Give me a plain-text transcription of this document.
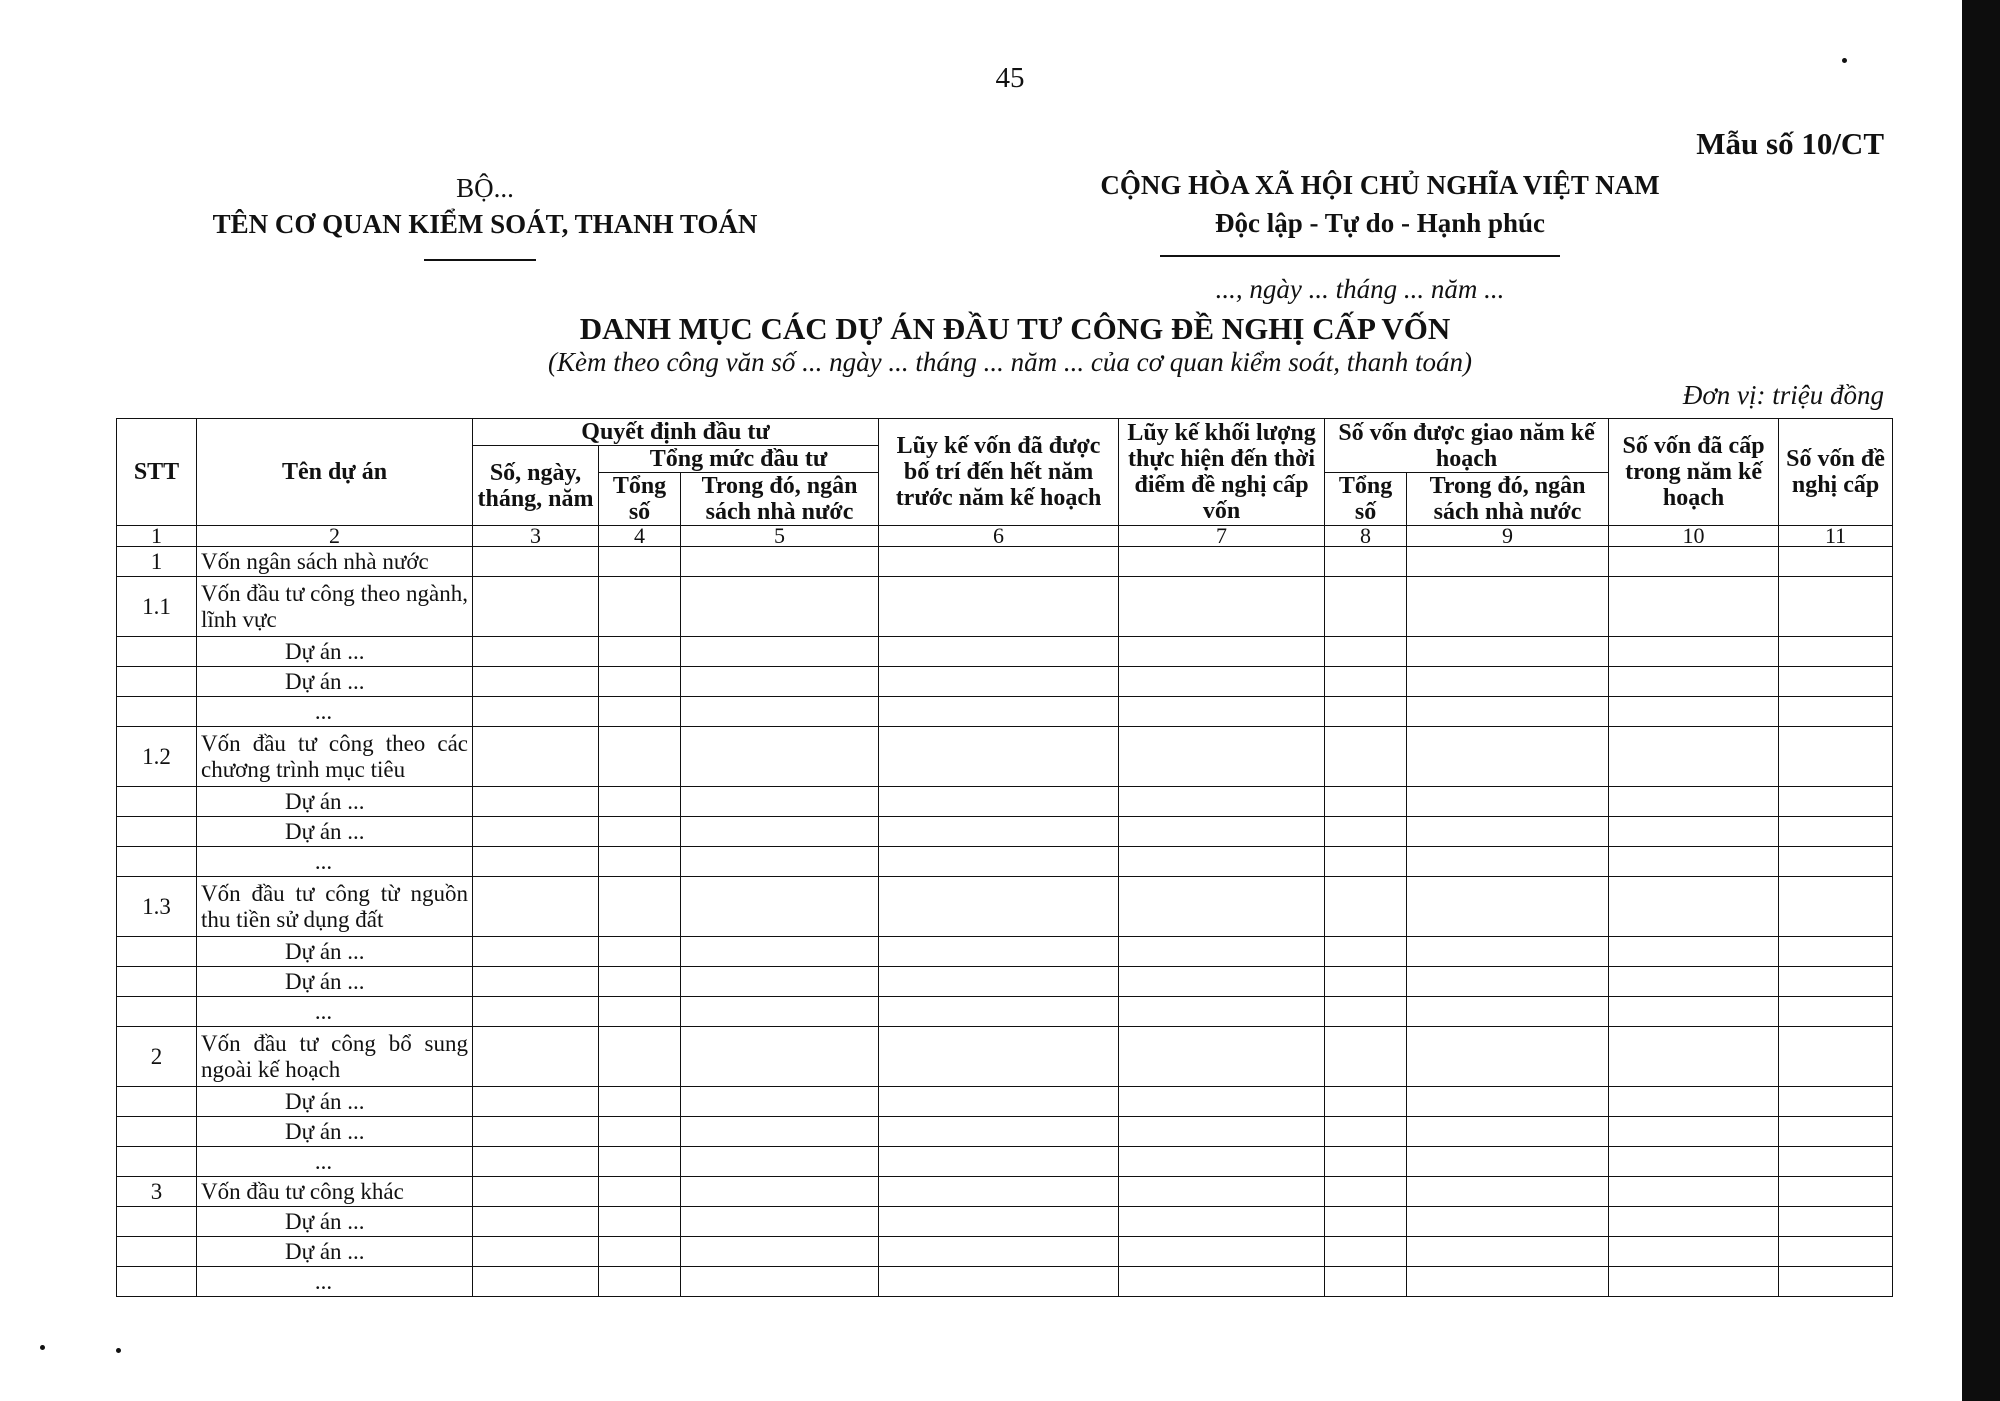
45
Mẫu số 10/CT
BỘ...
TÊN CƠ QUAN KIỂM SOÁT, THANH TOÁN
CỘNG HÒA XÃ HỘI CHỦ NGHĨA VIỆT NAM
Độc lập - Tự do - Hạnh phúc
..., ngày ... tháng ... năm ...
DANH MỤC CÁC DỰ ÁN ĐẦU TƯ CÔNG ĐỀ NGHỊ CẤP VỐN
(Kèm theo công văn số ... ngày ... tháng ... năm ... của cơ quan kiểm soát, thanh toán)
Đơn vị: triệu đồng
STT	Tên dự án	Quyết định đầu tư			Lũy kế vốn đã được bố trí đến hết năm trước năm kế hoạch	Lũy kế khối lượng thực hiện đến thời điểm đề nghị cấp vốn	Số vốn được giao năm kế hoạch		Số vốn đã cấp trong năm kế hoạch	Số vốn đề nghị cấp
		Số, ngày, tháng, năm	Tổng mức đầu tư							
			Tổng số	Trong đó, ngân sách nhà nước			Tổng số	Trong đó, ngân sách nhà nước		
1	2	3	4	5	6	7	8	9	10	11
1	Vốn ngân sách nhà nước									
1.1	Vốn đầu tư công theo ngành, lĩnh vực									
	Dự án ...									
	Dự án ...									
	...									
1.2	Vốn đầu tư công theo các chương trình mục tiêu									
	Dự án ...									
	Dự án ...									
	...									
1.3	Vốn đầu tư công từ nguồn thu tiền sử dụng đất									
	Dự án ...									
	Dự án ...									
	...									
2	Vốn đầu tư công bổ sung ngoài kế hoạch									
	Dự án ...									
	Dự án ...									
	...									
3	Vốn đầu tư công khác									
	Dự án ...									
	Dự án ...									
	...									
